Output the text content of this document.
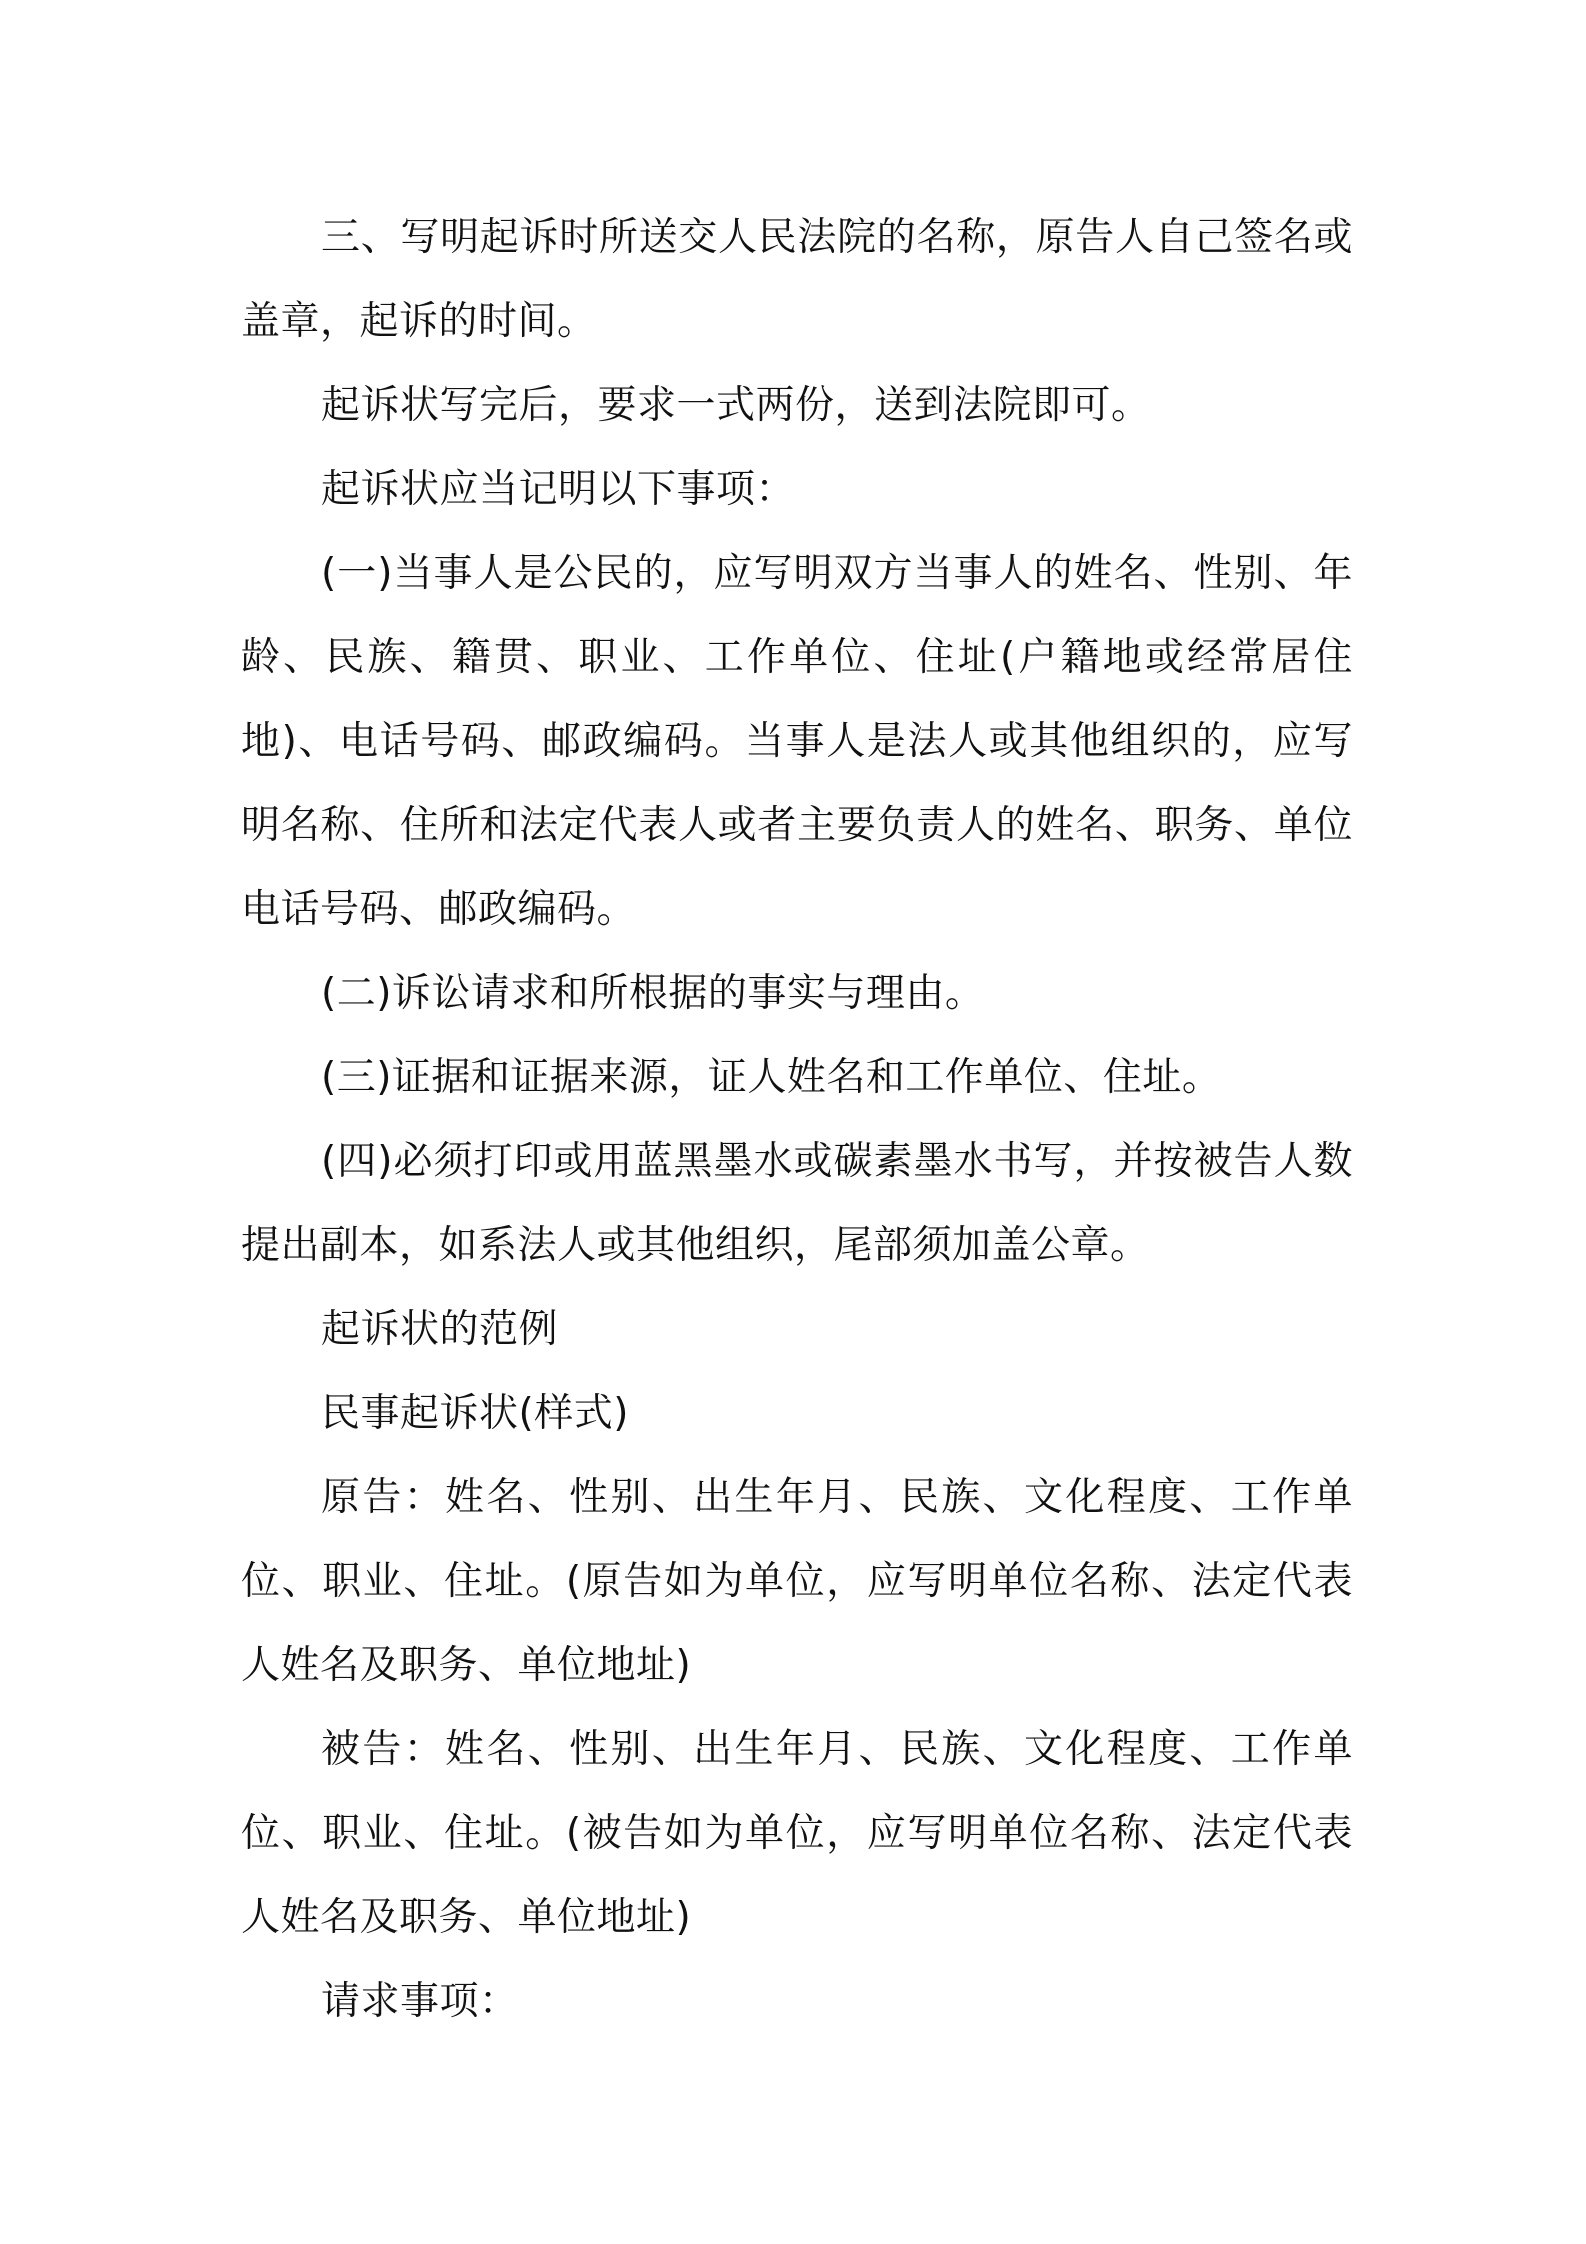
三、写明起诉时所送交人民法院的名称，原告人自己签名或盖章，起诉的时间。

起诉状写完后，要求一式两份，送到法院即可。

起诉状应当记明以下事项：

(一)当事人是公民的，应写明双方当事人的姓名、性别、年龄、民族、籍贯、职业、工作单位、住址(户籍地或经常居住地)、电话号码、邮政编码。当事人是法人或其他组织的，应写明名称、住所和法定代表人或者主要负责人的姓名、职务、单位电话号码、邮政编码。

(二)诉讼请求和所根据的事实与理由。

(三)证据和证据来源，证人姓名和工作单位、住址。

(四)必须打印或用蓝黑墨水或碳素墨水书写，并按被告人数提出副本，如系法人或其他组织，尾部须加盖公章。

起诉状的范例

民事起诉状(样式)

原告：姓名、性别、出生年月、民族、文化程度、工作单位、职业、住址。(原告如为单位，应写明单位名称、法定代表人姓名及职务、单位地址)

被告：姓名、性别、出生年月、民族、文化程度、工作单位、职业、住址。(被告如为单位，应写明单位名称、法定代表人姓名及职务、单位地址)

请求事项：
